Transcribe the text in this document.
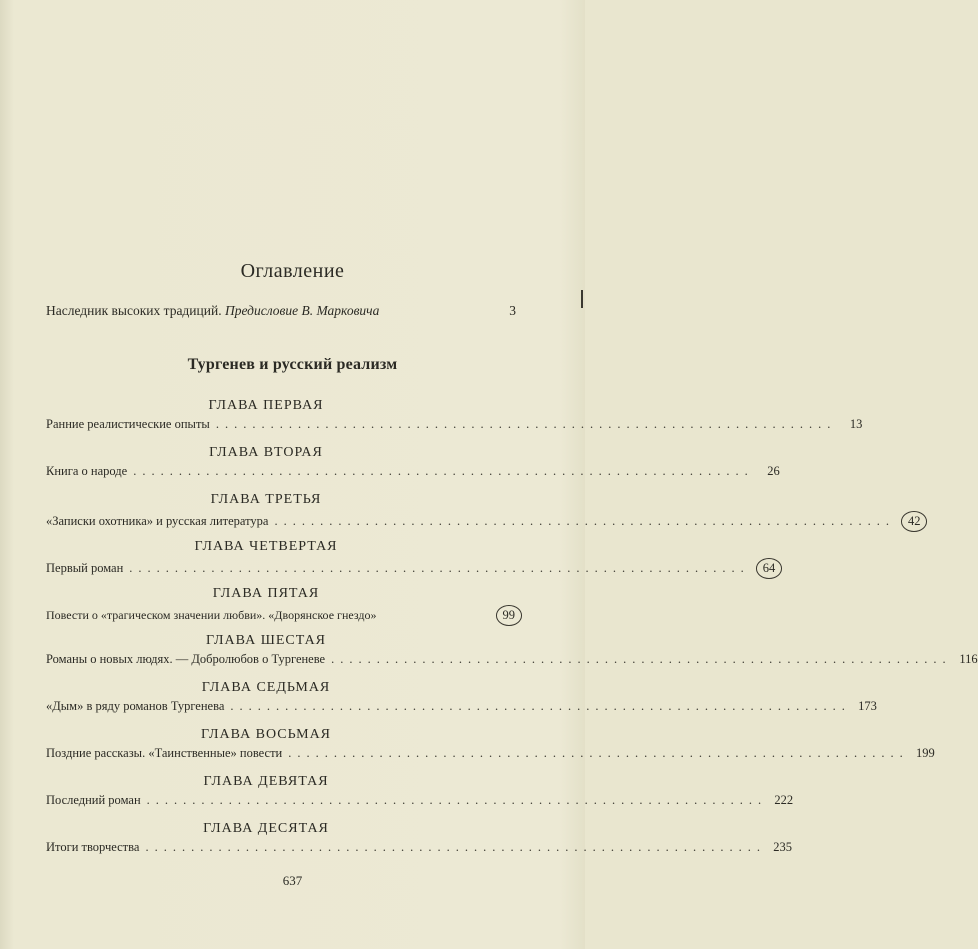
Оглавление
Наследник высоких традиций. Предисловие В. Марковича	3
Тургенев и русский реализм
ГЛАВА ПЕРВАЯ
Ранние реалистические опыты ....................................................................	13
ГЛАВА ВТОРАЯ
Книга о народе ....................................................................	26
ГЛАВА ТРЕТЬЯ
«Записки охотника» и русская литература ....................................................................	42
ГЛАВА ЧЕТВЕРТАЯ
Первый роман ....................................................................	64
ГЛАВА ПЯТАЯ
Повести о «трагическом значении любви». «Дворянское гнездо»	99
ГЛАВА ШЕСТАЯ
Романы о новых людях. — Добролюбов о Тургеневе .................................................................... 116
ГЛАВА СЕДЬМАЯ
«Дым» в ряду романов Тургенева .................................................................... 173
ГЛАВА ВОСЬМАЯ
Поздние рассказы. «Таинственные» повести .................................................................... 199
ГЛАВА ДЕВЯТАЯ
Последний роман .................................................................... 222
ГЛАВА ДЕСЯТАЯ
Итоги творчества .................................................................... 235
637
